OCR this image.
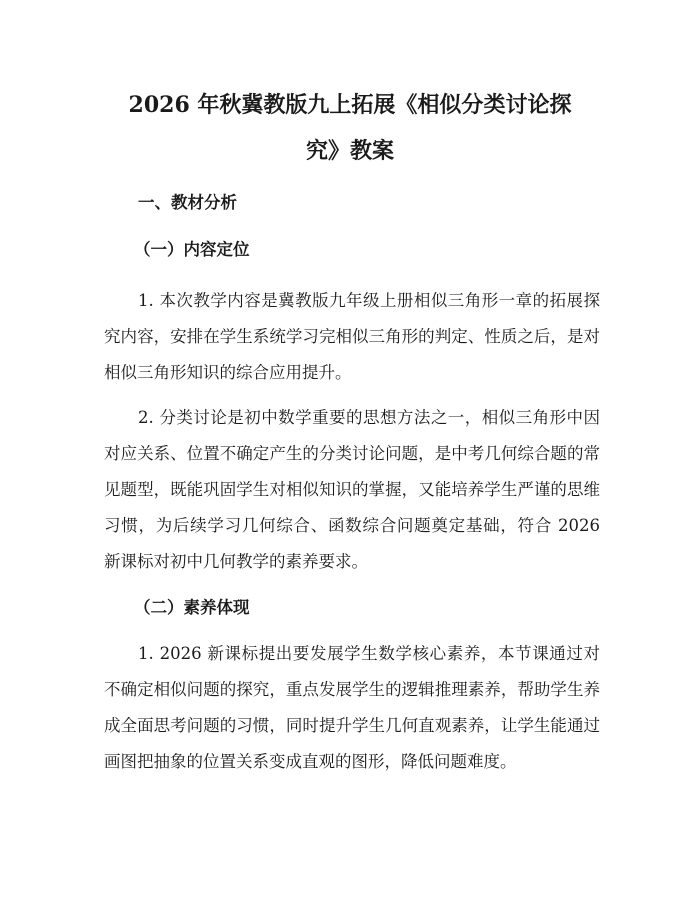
2026 年秋冀教版九上拓展《相似分类讨论探
究》教案
一、教材分析
（一）内容定位

1. 本次教学内容是冀教版九年级上册相似三角形一章的拓展探究内容，安排在学生系统学习完相似三角形的判定、性质之后，是对相似三角形知识的综合应用提升。

2. 分类讨论是初中数学重要的思想方法之一，相似三角形中因对应关系、位置不确定产生的分类讨论问题，是中考几何综合题的常见题型，既能巩固学生对相似知识的掌握，又能培养学生严谨的思维习惯，为后续学习几何综合、函数综合问题奠定基础，符合 2026 新课标对初中几何教学的素养要求。

（二）素养体现

1. 2026 新课标提出要发展学生数学核心素养，本节课通过对不确定相似问题的探究，重点发展学生的逻辑推理素养，帮助学生养成全面思考问题的习惯，同时提升学生几何直观素养，让学生能通过画图把抽象的位置关系变成直观的图形，降低问题难度。
